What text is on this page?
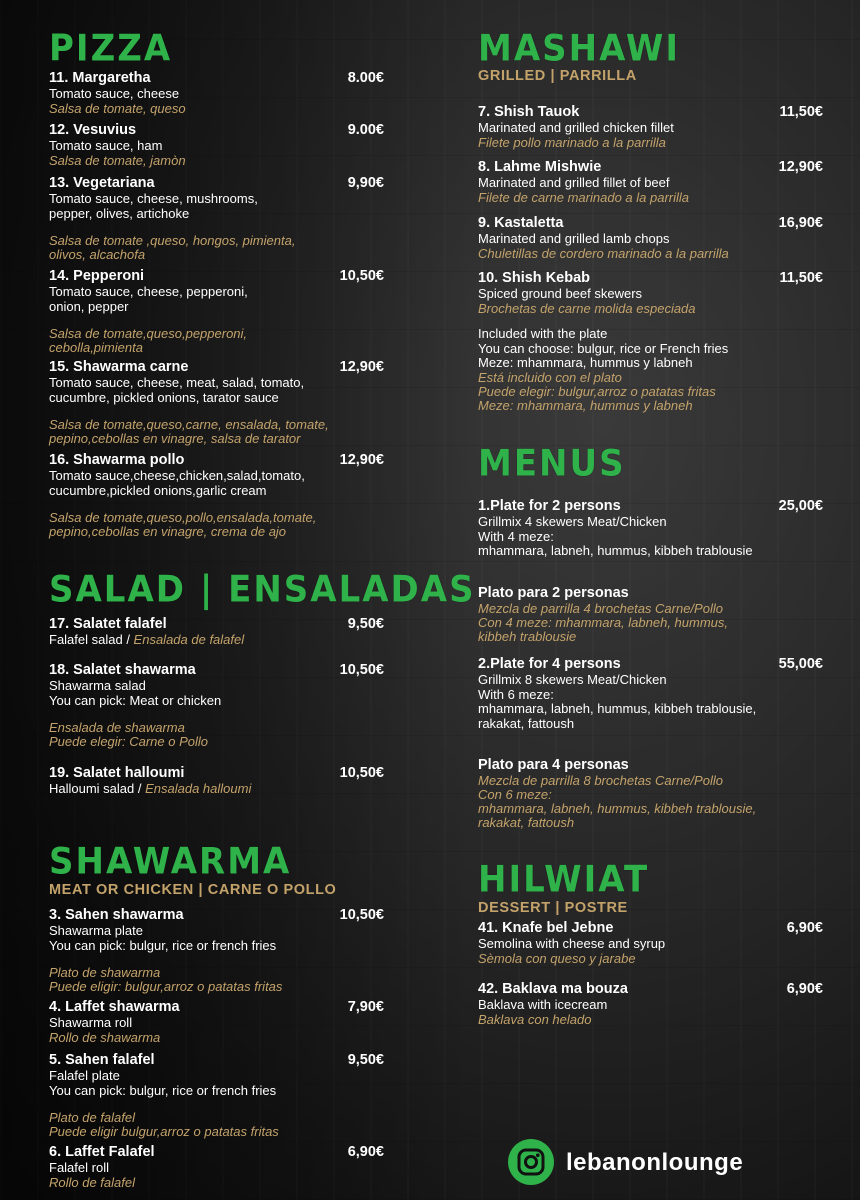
PIZZA
SALAD | ENSALADAS
SHAWARMA
MEAT OR CHICKEN | CARNE O POLLO
11. Margaretha	8.00€
Tomato sauce, cheese
Salsa de tomate, queso
12. Vesuvius	9.00€
Tomato sauce, ham
Salsa de tomate, jamòn
13. Vegetariana	9,90€
Tomato sauce, cheese, mushrooms,
pepper, olives, artichoke
Salsa de tomate ,queso, hongos, pimienta,
olivos, alcachofa
14. Pepperoni	10,50€
Tomato sauce, cheese, pepperoni,
onion, pepper
Salsa de tomate,queso,pepperoni,
cebolla,pimienta
15. Shawarma carne	12,90€
Tomato sauce, cheese, meat, salad, tomato,
cucumbre, pickled onions, tarator sauce
Salsa de tomate,queso,carne, ensalada, tomate,
pepino,cebollas en vinagre, salsa de tarator
16. Shawarma pollo	12,90€
Tomato sauce,cheese,chicken,salad,tomato,
cucumbre,pickled onions,garlic cream
Salsa de tomate,queso,pollo,ensalada,tomate,
pepino,cebollas en vinagre, crema de ajo
17. Salatet falafel	9,50€
Falafel salad / Ensalada de falafel
18. Salatet shawarma	10,50€
Shawarma salad
You can pick: Meat or chicken
Ensalada de shawarma
Puede elegir: Carne o Pollo
19. Salatet halloumi	10,50€
Halloumi salad / Ensalada halloumi
3. Sahen shawarma	10,50€
Shawarma plate
You can pick: bulgur, rice or french fries
Plato de shawarma
Puede eligir: bulgur,arroz o patatas fritas
4. Laffet shawarma	7,90€
Shawarma roll
Rollo de shawarma
5. Sahen falafel	9,50€
Falafel plate
You can pick: bulgur, rice or french fries
Plato de falafel
Puede eligir bulgur,arroz o patatas fritas
6. Laffet Falafel	6,90€
Falafel roll
Rollo de falafel
MASHAWI
GRILLED | PARRILLA
Included with the plate
You can choose: bulgur, rice or French fries
Meze: mhammara, hummus y labneh
Está incluido con el plato
Puede elegir: bulgur,arroz o patatas fritas
Meze: mhammara, hummus y labneh
MENUS
HILWIAT
DESSERT | POSTRE
7. Shish Tauok	11,50€
Marinated and grilled chicken fillet
Filete pollo marinado a la parrilla
8. Lahme Mishwie	12,90€
Marinated and grilled fillet of beef
Filete de carne marinado a la parrilla
9. Kastaletta	16,90€
Marinated and grilled lamb chops
Chuletillas de cordero marinado a la parrilla
10. Shish Kebab	11,50€
Spiced ground beef skewers
Brochetas de carne molida especiada
1.Plate for 2 persons	25,00€
Grillmix 4 skewers Meat/Chicken
With 4 meze:
mhammara, labneh, hummus, kibbeh trablousie
Plato para 2 personas
Mezcla de parrilla 4 brochetas Carne/Pollo
Con 4 meze: mhammara, labneh, hummus,
kibbeh trablousie
2.Plate for 4 persons	55,00€
Grillmix 8 skewers Meat/Chicken
With 6 meze:
mhammara, labneh, hummus, kibbeh trablousie,
rakakat, fattoush
Plato para 4 personas
Mezcla de parrilla 8 brochetas Carne/Pollo
Con 6 meze:
mhammara, labneh, hummus, kibbeh trablousie,
rakakat, fattoush
41. Knafe bel Jebne	6,90€
Semolina with cheese and syrup
Sèmola con queso y jarabe
42. Baklava ma bouza	6,90€
Baklava with icecream
Baklava con helado
lebanonlounge
